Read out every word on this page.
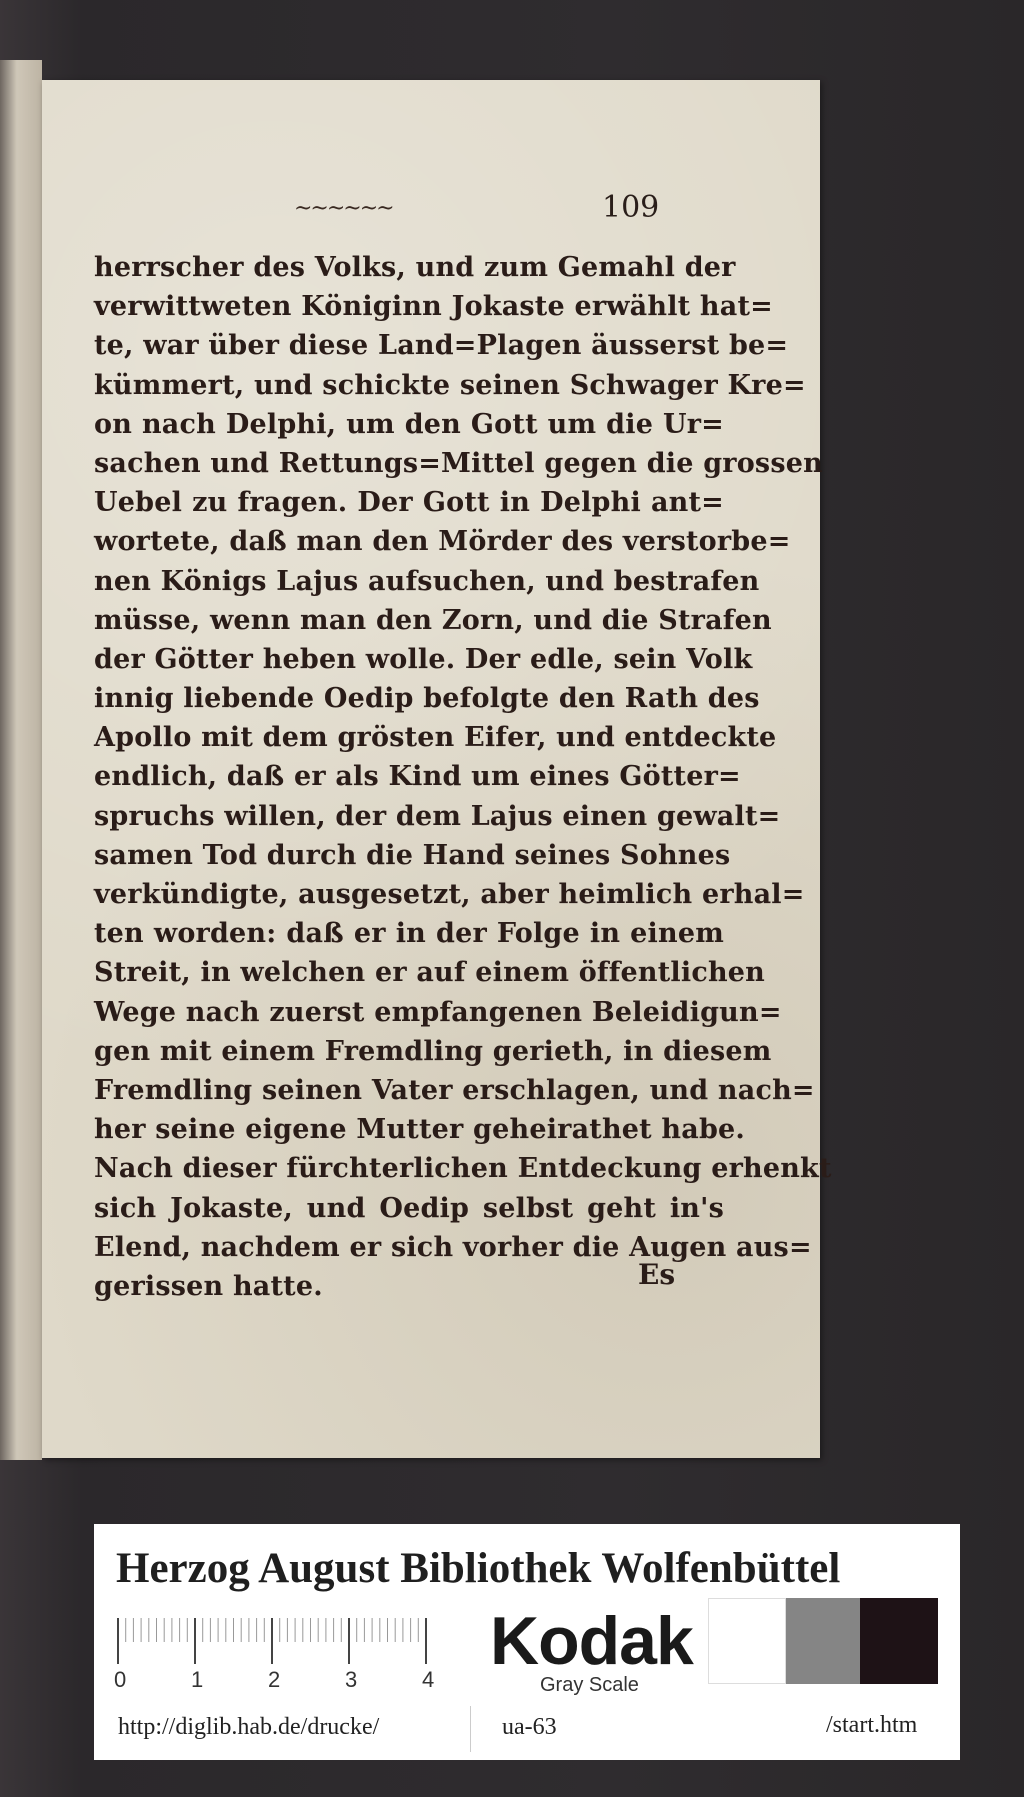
~~~~~~	109
herrscher des Volks, und zum Gemahl der
verwittweten Königinn Jokaste erwählt hat=
te, war über diese Land=Plagen äusserst be=
kümmert, und schickte seinen Schwager Kre=
on nach Delphi, um den Gott um die Ur=
sachen und Rettungs=Mittel gegen die grossen
Uebel zu fragen. Der Gott in Delphi ant=
wortete, daß man den Mörder des verstorbe=
nen Königs Lajus aufsuchen, und bestrafen
müsse, wenn man den Zorn, und die Strafen
der Götter heben wolle. Der edle, sein Volk
innig liebende Oedip befolgte den Rath des
Apollo mit dem grösten Eifer, und entdeckte
endlich, daß er als Kind um eines Götter=
spruchs willen, der dem Lajus einen gewalt=
samen Tod durch die Hand seines Sohnes
verkündigte, ausgesetzt, aber heimlich erhal=
ten worden: daß er in der Folge in einem
Streit, in welchen er auf einem öffentlichen
Wege nach zuerst empfangenen Beleidigun=
gen mit einem Fremdling gerieth, in diesem
Fremdling seinen Vater erschlagen, und nach=
her seine eigene Mutter geheirathet habe.
Nach dieser fürchterlichen Entdeckung erhenkt
sich Jokaste, und Oedip selbst geht in's
Elend, nachdem er sich vorher die Augen aus=
gerissen hatte.	Es
Herzog August Bibliothek Wolfenbüttel
0	1	2	3	4
Kodak
Gray Scale
http://diglib.hab.de/drucke/	ua-63	/start.htm
